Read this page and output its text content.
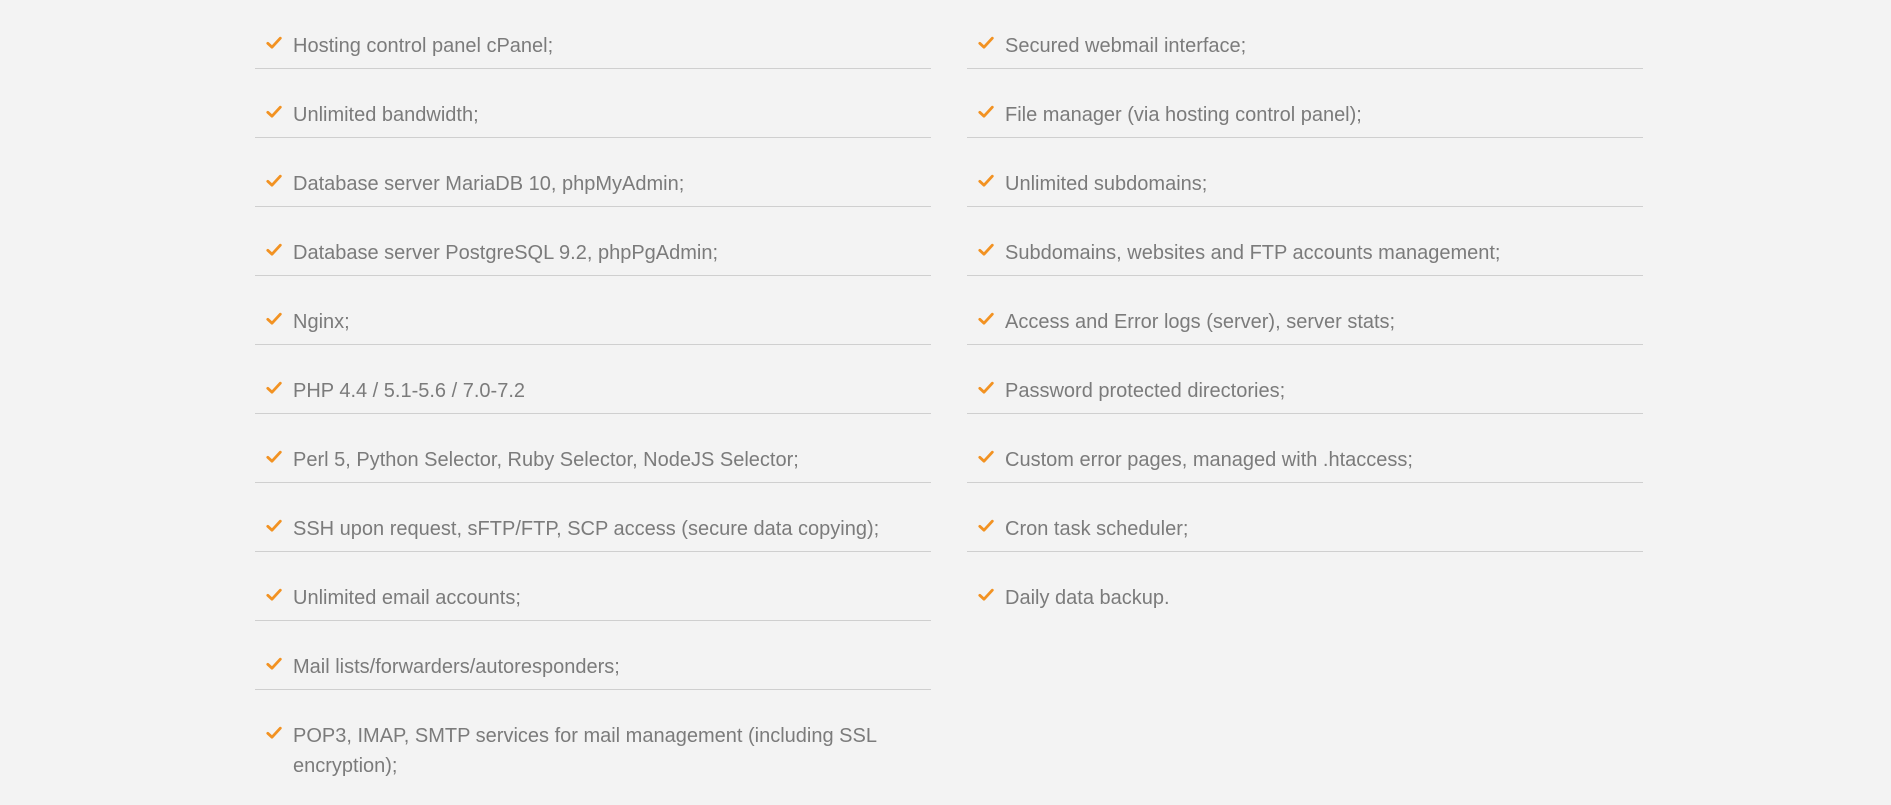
Hosting control panel cPanel;
Unlimited bandwidth;
Database server MariaDB 10, phpMyAdmin;
Database server PostgreSQL 9.2, phpPgAdmin;
Nginx;
PHP 4.4 / 5.1-5.6 / 7.0-7.2
Perl 5, Python Selector, Ruby Selector, NodeJS Selector;
SSH upon request, sFTP/FTP, SCP access (secure data copying);
Unlimited email accounts;
Mail lists/forwarders/autoresponders;
POP3, IMAP, SMTP services for mail management (including SSL encryption);
Secured webmail interface;
File manager (via hosting control panel);
Unlimited subdomains;
Subdomains, websites and FTP accounts management;
Access and Error logs (server), server stats;
Password protected directories;
Custom error pages, managed with .htaccess;
Cron task scheduler;
Daily data backup.
